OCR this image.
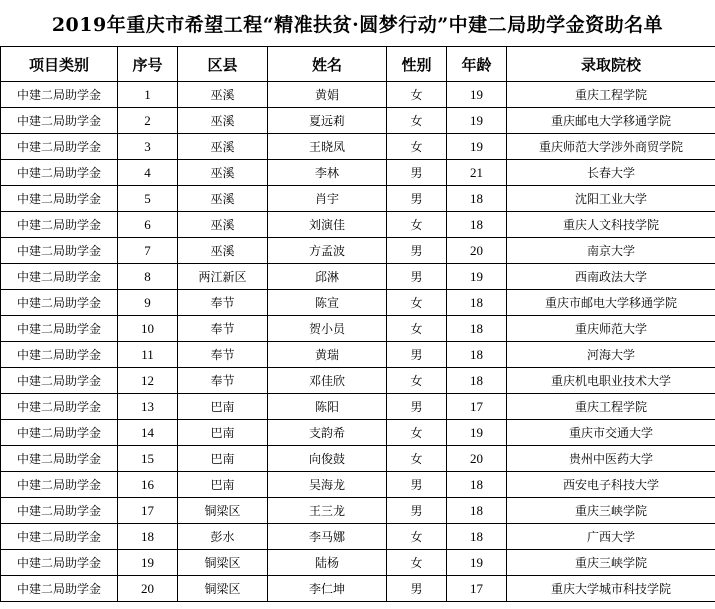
2019年重庆市希望工程“精准扶贫·圆梦行动”中建二局助学金资助名单
项目类别	序号	区县	姓名	性别	年龄	录取院校
中建二局助学金	1	巫溪	黄娟	女	19	重庆工程学院
中建二局助学金	2	巫溪	夏远莉	女	19	重庆邮电大学移通学院
中建二局助学金	3	巫溪	王晓凤	女	19	重庆师范大学涉外商贸学院
中建二局助学金	4	巫溪	李林	男	21	长春大学
中建二局助学金	5	巫溪	肖宇	男	18	沈阳工业大学
中建二局助学金	6	巫溪	刘演佳	女	18	重庆人文科技学院
中建二局助学金	7	巫溪	方孟波	男	20	南京大学
中建二局助学金	8	两江新区	邱淋	男	19	西南政法大学
中建二局助学金	9	奉节	陈宣	女	18	重庆市邮电大学移通学院
中建二局助学金	10	奉节	贺小员	女	18	重庆师范大学
中建二局助学金	11	奉节	黄瑞	男	18	河海大学
中建二局助学金	12	奉节	邓佳欣	女	18	重庆机电职业技术大学
中建二局助学金	13	巴南	陈阳	男	17	重庆工程学院
中建二局助学金	14	巴南	支韵希	女	19	重庆市交通大学
中建二局助学金	15	巴南	向俊鼓	女	20	贵州中医药大学
中建二局助学金	16	巴南	吴海龙	男	18	西安电子科技大学
中建二局助学金	17	铜梁区	王三龙	男	18	重庆三峡学院
中建二局助学金	18	彭水	李马娜	女	18	广西大学
中建二局助学金	19	铜梁区	陆杨	女	19	重庆三峡学院
中建二局助学金	20	铜梁区	李仁坤	男	17	重庆大学城市科技学院
